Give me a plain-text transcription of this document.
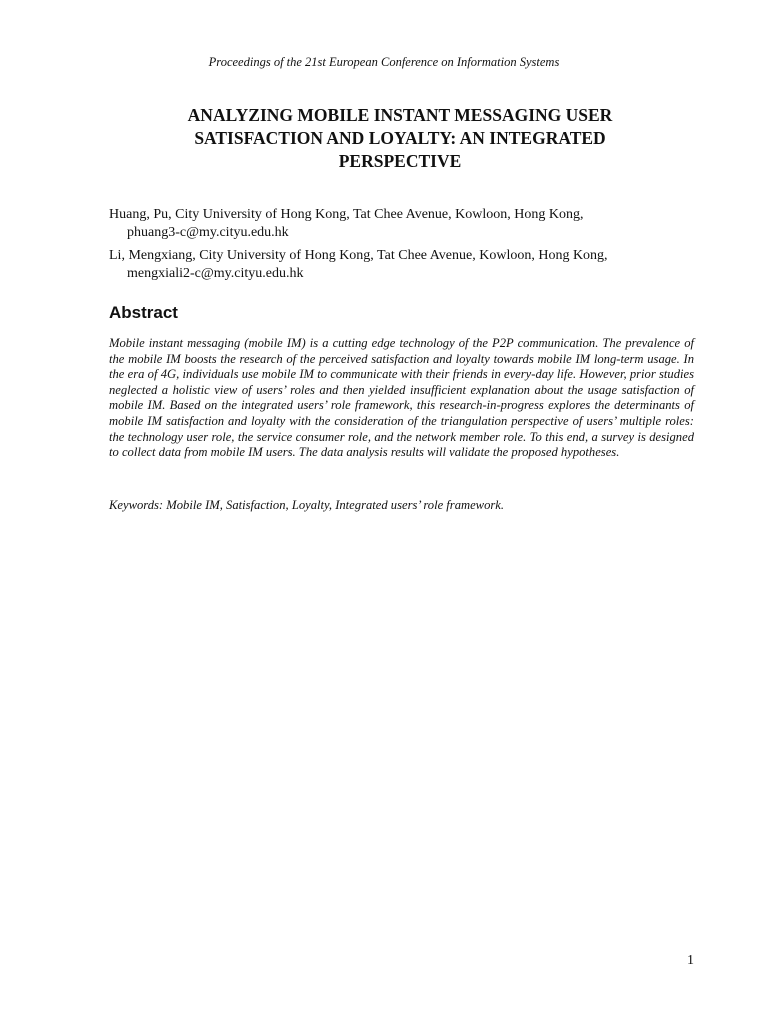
Proceedings of the 21st European Conference on Information Systems
ANALYZING MOBILE INSTANT MESSAGING USER SATISFACTION AND LOYALTY: AN INTEGRATED PERSPECTIVE
Huang, Pu, City University of Hong Kong, Tat Chee Avenue, Kowloon, Hong Kong,
phuang3-c@my.cityu.edu.hk
Li, Mengxiang, City University of Hong Kong, Tat Chee Avenue, Kowloon, Hong Kong,
mengxiali2-c@my.cityu.edu.hk
Abstract

Mobile instant messaging (mobile IM) is a cutting edge technology of the P2P communication. The prevalence of the mobile IM boosts the research of the perceived satisfaction and loyalty towards mobile IM long-term usage. In the era of 4G, individuals use mobile IM to communicate with their friends in every-day life. However, prior studies neglected a holistic view of users’ roles and then yielded insufficient explanation about the usage satisfaction of mobile IM. Based on the integrated users’ role framework, this research-in-progress explores the determinants of mobile IM satisfaction and loyalty with the consideration of the triangulation perspective of users’ multiple roles: the technology user role, the service consumer role, and the network member role. To this end, a survey is designed to collect data from mobile IM users. The data analysis results will validate the proposed hypotheses.

Keywords: Mobile IM, Satisfaction, Loyalty, Integrated users’ role framework.

1
